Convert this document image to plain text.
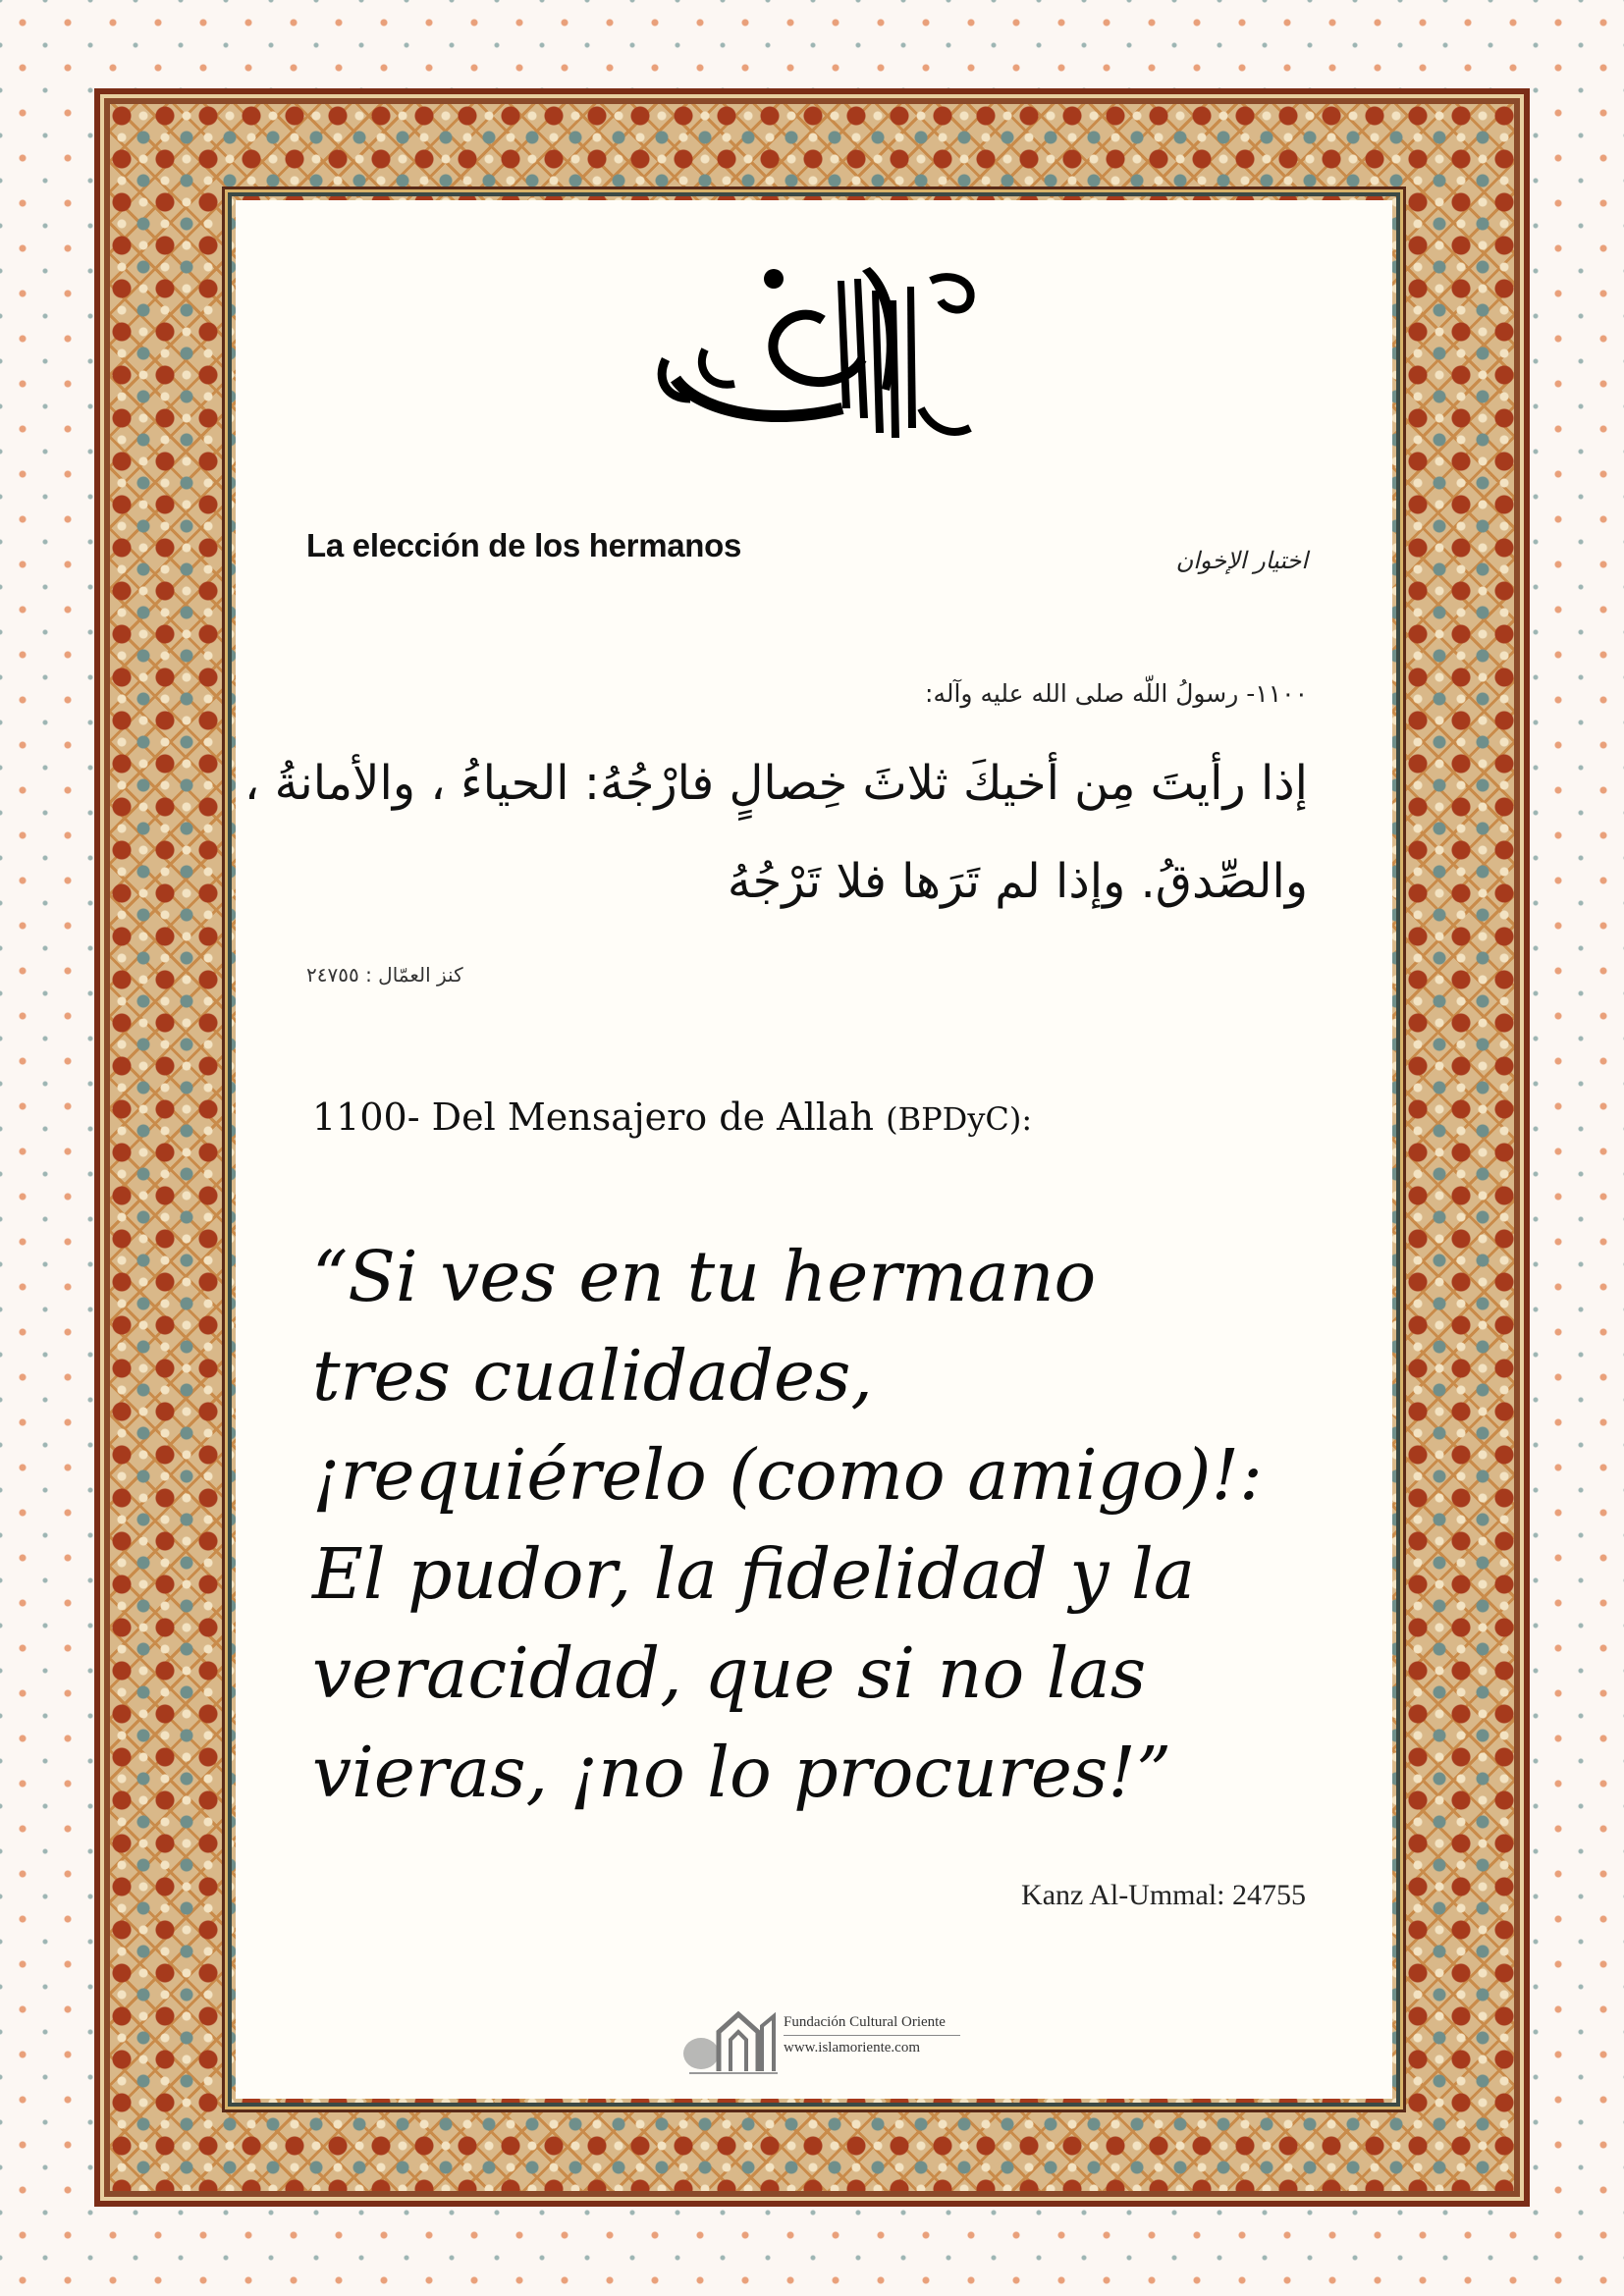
La elección de los hermanos	اختيار الإخوان
١١٠٠- رسولُ اللّه صلى الله عليه وآله:
إذا رأيتَ مِن أخيكَ ثلاثَ خِصالٍ فارْجُهُ: الحياءُ ، والأمانةُ ،
والصِّدقُ. وإذا لم تَرَها فلا تَرْجُهُ
كنز العمّال : ٢٤٧٥٥
1100- Del Mensajero de Allah (BPDyC):
“Si ves en tu hermano
tres cualidades,
¡requiérelo (como amigo)!:
El pudor, la fidelidad y la
veracidad, que si no las
vieras, ¡no lo procures!”
Kanz Al-Ummal: 24755
Fundación Cultural Oriente
www.islamoriente.com
